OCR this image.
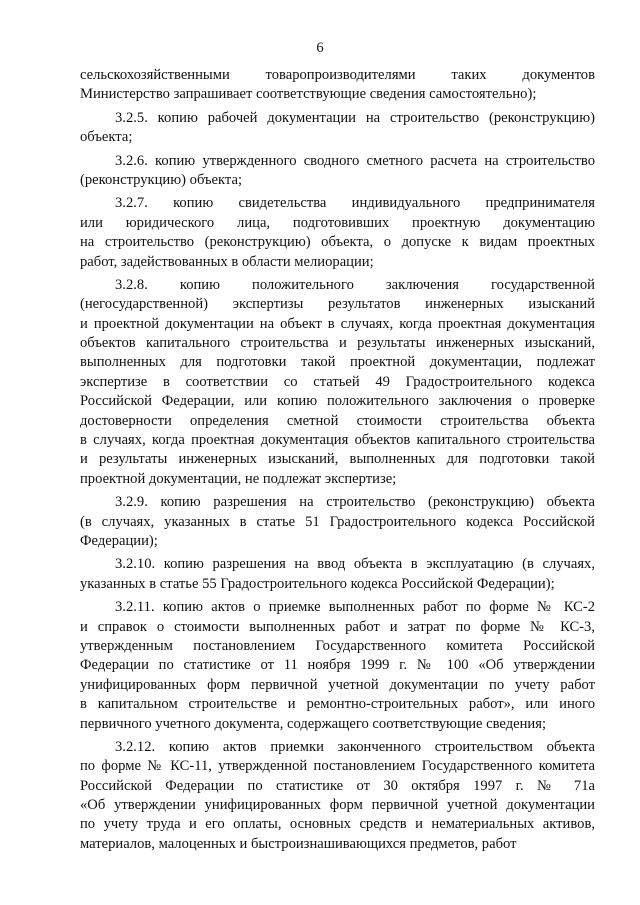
6
сельскохозяйственными товаропроизводителями таких документов
Министерство запрашивает соответствующие сведения самостоятельно);
3.2.5. копию рабочей документации на строительство (реконструкцию)
объекта;
3.2.6. копию утвержденного сводного сметного расчета на строительство
(реконструкцию) объекта;
3.2.7. копию свидетельства индивидуального предпринимателя
или юридического лица, подготовивших проектную документацию
на строительство (реконструкцию) объекта, о допуске к видам проектных
работ, задействованных в области мелиорации;
3.2.8. копию положительного заключения государственной
(негосударственной) экспертизы результатов инженерных изысканий
и проектной документации на объект в случаях, когда проектная документация
объектов капитального строительства и результаты инженерных изысканий,
выполненных для подготовки такой проектной документации, подлежат
экспертизе в соответствии со статьей 49 Градостроительного кодекса
Российской Федерации, или копию положительного заключения о проверке
достоверности определения сметной стоимости строительства объекта
в случаях, когда проектная документация объектов капитального строительства
и результаты инженерных изысканий, выполненных для подготовки такой
проектной документации, не подлежат экспертизе;
3.2.9. копию разрешения на строительство (реконструкцию) объекта
(в случаях, указанных в статье 51 Градостроительного кодекса Российской
Федерации);
3.2.10. копию разрешения на ввод объекта в эксплуатацию (в случаях,
указанных в статье 55 Градостроительного кодекса Российской Федерации);
3.2.11. копию актов о приемке выполненных работ по форме № КС-2
и справок о стоимости выполненных работ и затрат по форме № КС-3,
утвержденным постановлением Государственного комитета Российской
Федерации по статистике от 11 ноября 1999 г. № 100 «Об утверждении
унифицированных форм первичной учетной документации по учету работ
в капитальном строительстве и ремонтно-строительных работ», или иного
первичного учетного документа, содержащего соответствующие сведения;
3.2.12. копию актов приемки законченного строительством объекта
по форме № КС-11, утвержденной постановлением Государственного комитета
Российской Федерации по статистике от 30 октября 1997 г. № 71а
«Об утверждении унифицированных форм первичной учетной документации
по учету труда и его оплаты, основных средств и нематериальных активов,
материалов, малоценных и быстроизнашивающихся предметов, работ
